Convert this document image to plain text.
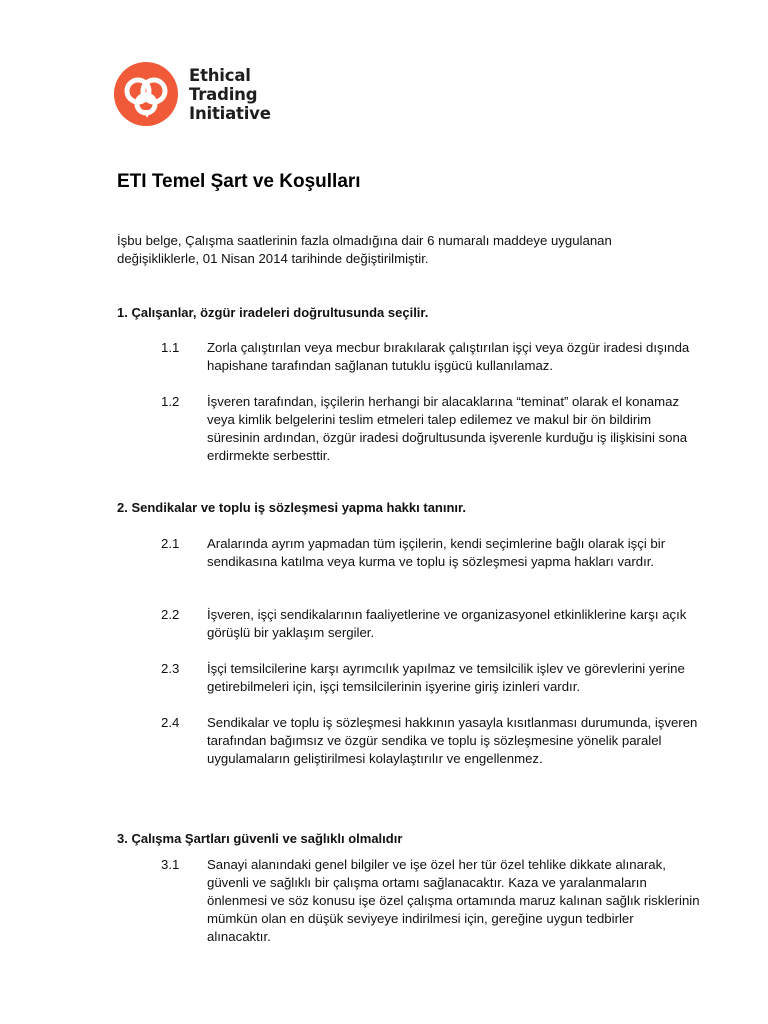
Ethical
Trading
Initiative
ETI Temel Şart ve Koşulları

İşbu belge, Çalışma saatlerinin fazla olmadığına dair 6 numaralı maddeye uygulanan değişikliklerle, 01 Nisan 2014 tarihinde değiştirilmiştir.

1. Çalışanlar, özgür iradeleri doğrultusunda seçilir.

1.1	Zorla çalıştırılan veya mecbur bırakılarak çalıştırılan işçi veya özgür iradesi dışında hapishane tarafından sağlanan tutuklu işgücü kullanılamaz.
1.2	İşveren tarafından, işçilerin herhangi bir alacaklarına “teminat” olarak el konamaz veya kimlik belgelerini teslim etmeleri talep edilemez ve makul bir ön bildirim süresinin ardından, özgür iradesi doğrultusunda işverenle kurduğu iş ilişkisini sona erdirmekte serbesttir.

2. Sendikalar ve toplu iş sözleşmesi yapma hakkı tanınır.

2.1	Aralarında ayrım yapmadan tüm işçilerin, kendi seçimlerine bağlı olarak işçi bir sendikasına katılma veya kurma ve toplu iş sözleşmesi yapma hakları vardır.
2.2	İşveren, işçi sendikalarının faaliyetlerine ve organizasyonel etkinliklerine karşı açık görüşlü bir yaklaşım sergiler.
2.3	İşçi temsilcilerine karşı ayrımcılık yapılmaz ve temsilcilik işlev ve görevlerini yerine getirebilmeleri için, işçi temsilcilerinin işyerine giriş izinleri vardır.
2.4	Sendikalar ve toplu iş sözleşmesi hakkının yasayla kısıtlanması durumunda, işveren tarafından bağımsız ve özgür sendika ve toplu iş sözleşmesine yönelik paralel uygulamaların geliştirilmesi kolaylaştırılır ve engellenmez.

3. Çalışma Şartları güvenli ve sağlıklı olmalıdır

3.1	Sanayi alanındaki genel bilgiler ve işe özel her tür özel tehlike dikkate alınarak, güvenli ve sağlıklı bir çalışma ortamı sağlanacaktır. Kaza ve yaralanmaların önlenmesi ve söz konusu işe özel çalışma ortamında maruz kalınan sağlık risklerinin mümkün olan en düşük seviyeye indirilmesi için, gereğine uygun tedbirler alınacaktır.
